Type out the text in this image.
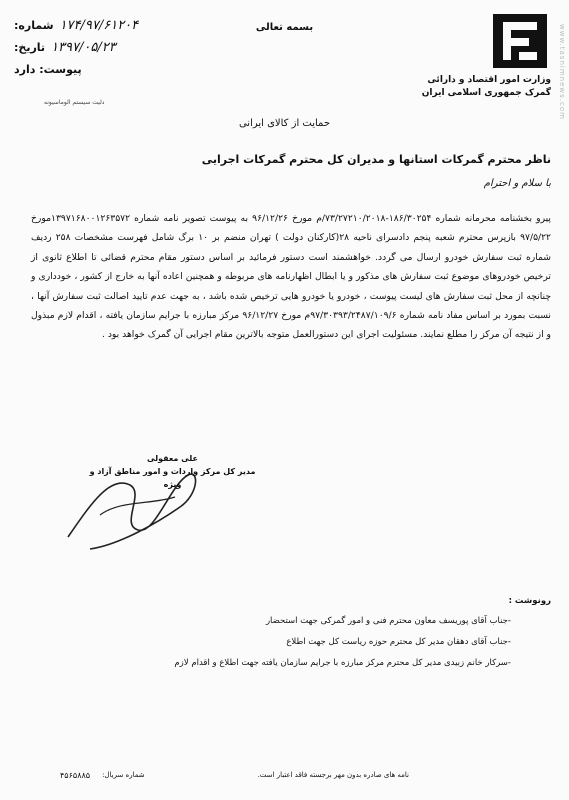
www.tasnimnews.com
بسمه تعالی
وزارت امور اقتصاد و دارائی
گمرک جمهوری اسلامی ایران
شماره: ۱۷۴/۹۷/۶۱۲۰۴
تاریخ: ۱۳۹۷/۰۵/۲۳
پیوست: دارد
دلیت سیستم الوماسیونه
حمایت از کالای ایرانی
ناظر محترم گمرکات استانها و مدیران کل محترم گمرکات اجرایی
با سلام و احترام

پیرو بخشنامه محرمانه شماره ۱۸۶/۳۰۲۵۴-۷۳/۲۷۲۱۰/۲۰۱۸/م مورخ ۹۶/۱۲/۲۶ به پیوست تصویر نامه شماره ۱۳۹۷۱۶۸۰۰۱۲۶۳۵۷۲مورخ ۹۷/۵/۲۲ بازپرس محترم شعبه پنجم دادسرای ناحیه ۲۸(کارکنان دولت ) تهران منضم بر ۱۰ برگ شامل فهرست مشخصات ۲۵۸ ردیف شماره ثبت سفارش خودرو ارسال می گردد. خواهشمند است دستور فرمائید بر اساس دستور مقام محترم قضائی تا اطلاع ثانوی از ترخیص خودروهای موضوع ثبت سفارش های مذکور و یا ابطال اظهارنامه های مربوطه و همچنین اعاده آنها به خارج از کشور ، خودداری و چنانچه از محل ثبت سفارش های لیست پیوست ، خودرو یا خودرو هایی ترخیص شده باشد ، به جهت عدم تایید اصالت ثبت سفارش آنها ، نسبت بمورد بر اساس مفاد نامه شماره ۹۷/۳۰۳۹۳/۲۴۸۷/۱۰۹/۶م مورخ ۹۶/۱۲/۲۷ مرکز مبارزه با جرایم سازمان یافته ، اقدام لازم مبذول و از نتیجه آن مرکز را مطلع نمایند. مسئولیت اجرای این دستورالعمل متوجه بالاترین مقام اجرایی آن گمرک خواهد بود .

علی معقولی
مدیر کل مرکز واردات و امور مناطق آزاد و ویژه
رونوشت :
-جناب آقای پوریسف معاون محترم فنی و امور گمرکی جهت استحضار
-جناب آقای دهقان مدیر کل محترم حوزه ریاست کل جهت اطلاع
-سرکار خانم زبیدی مدیر کل محترم مرکز مبارزه با جرایم سازمان یافته جهت اطلاع و اقدام لازم
نامه های صادره بدون مهر برجسته فاقد اعتبار است.
شماره سریال:
۴۵۶۵۸۸۵
